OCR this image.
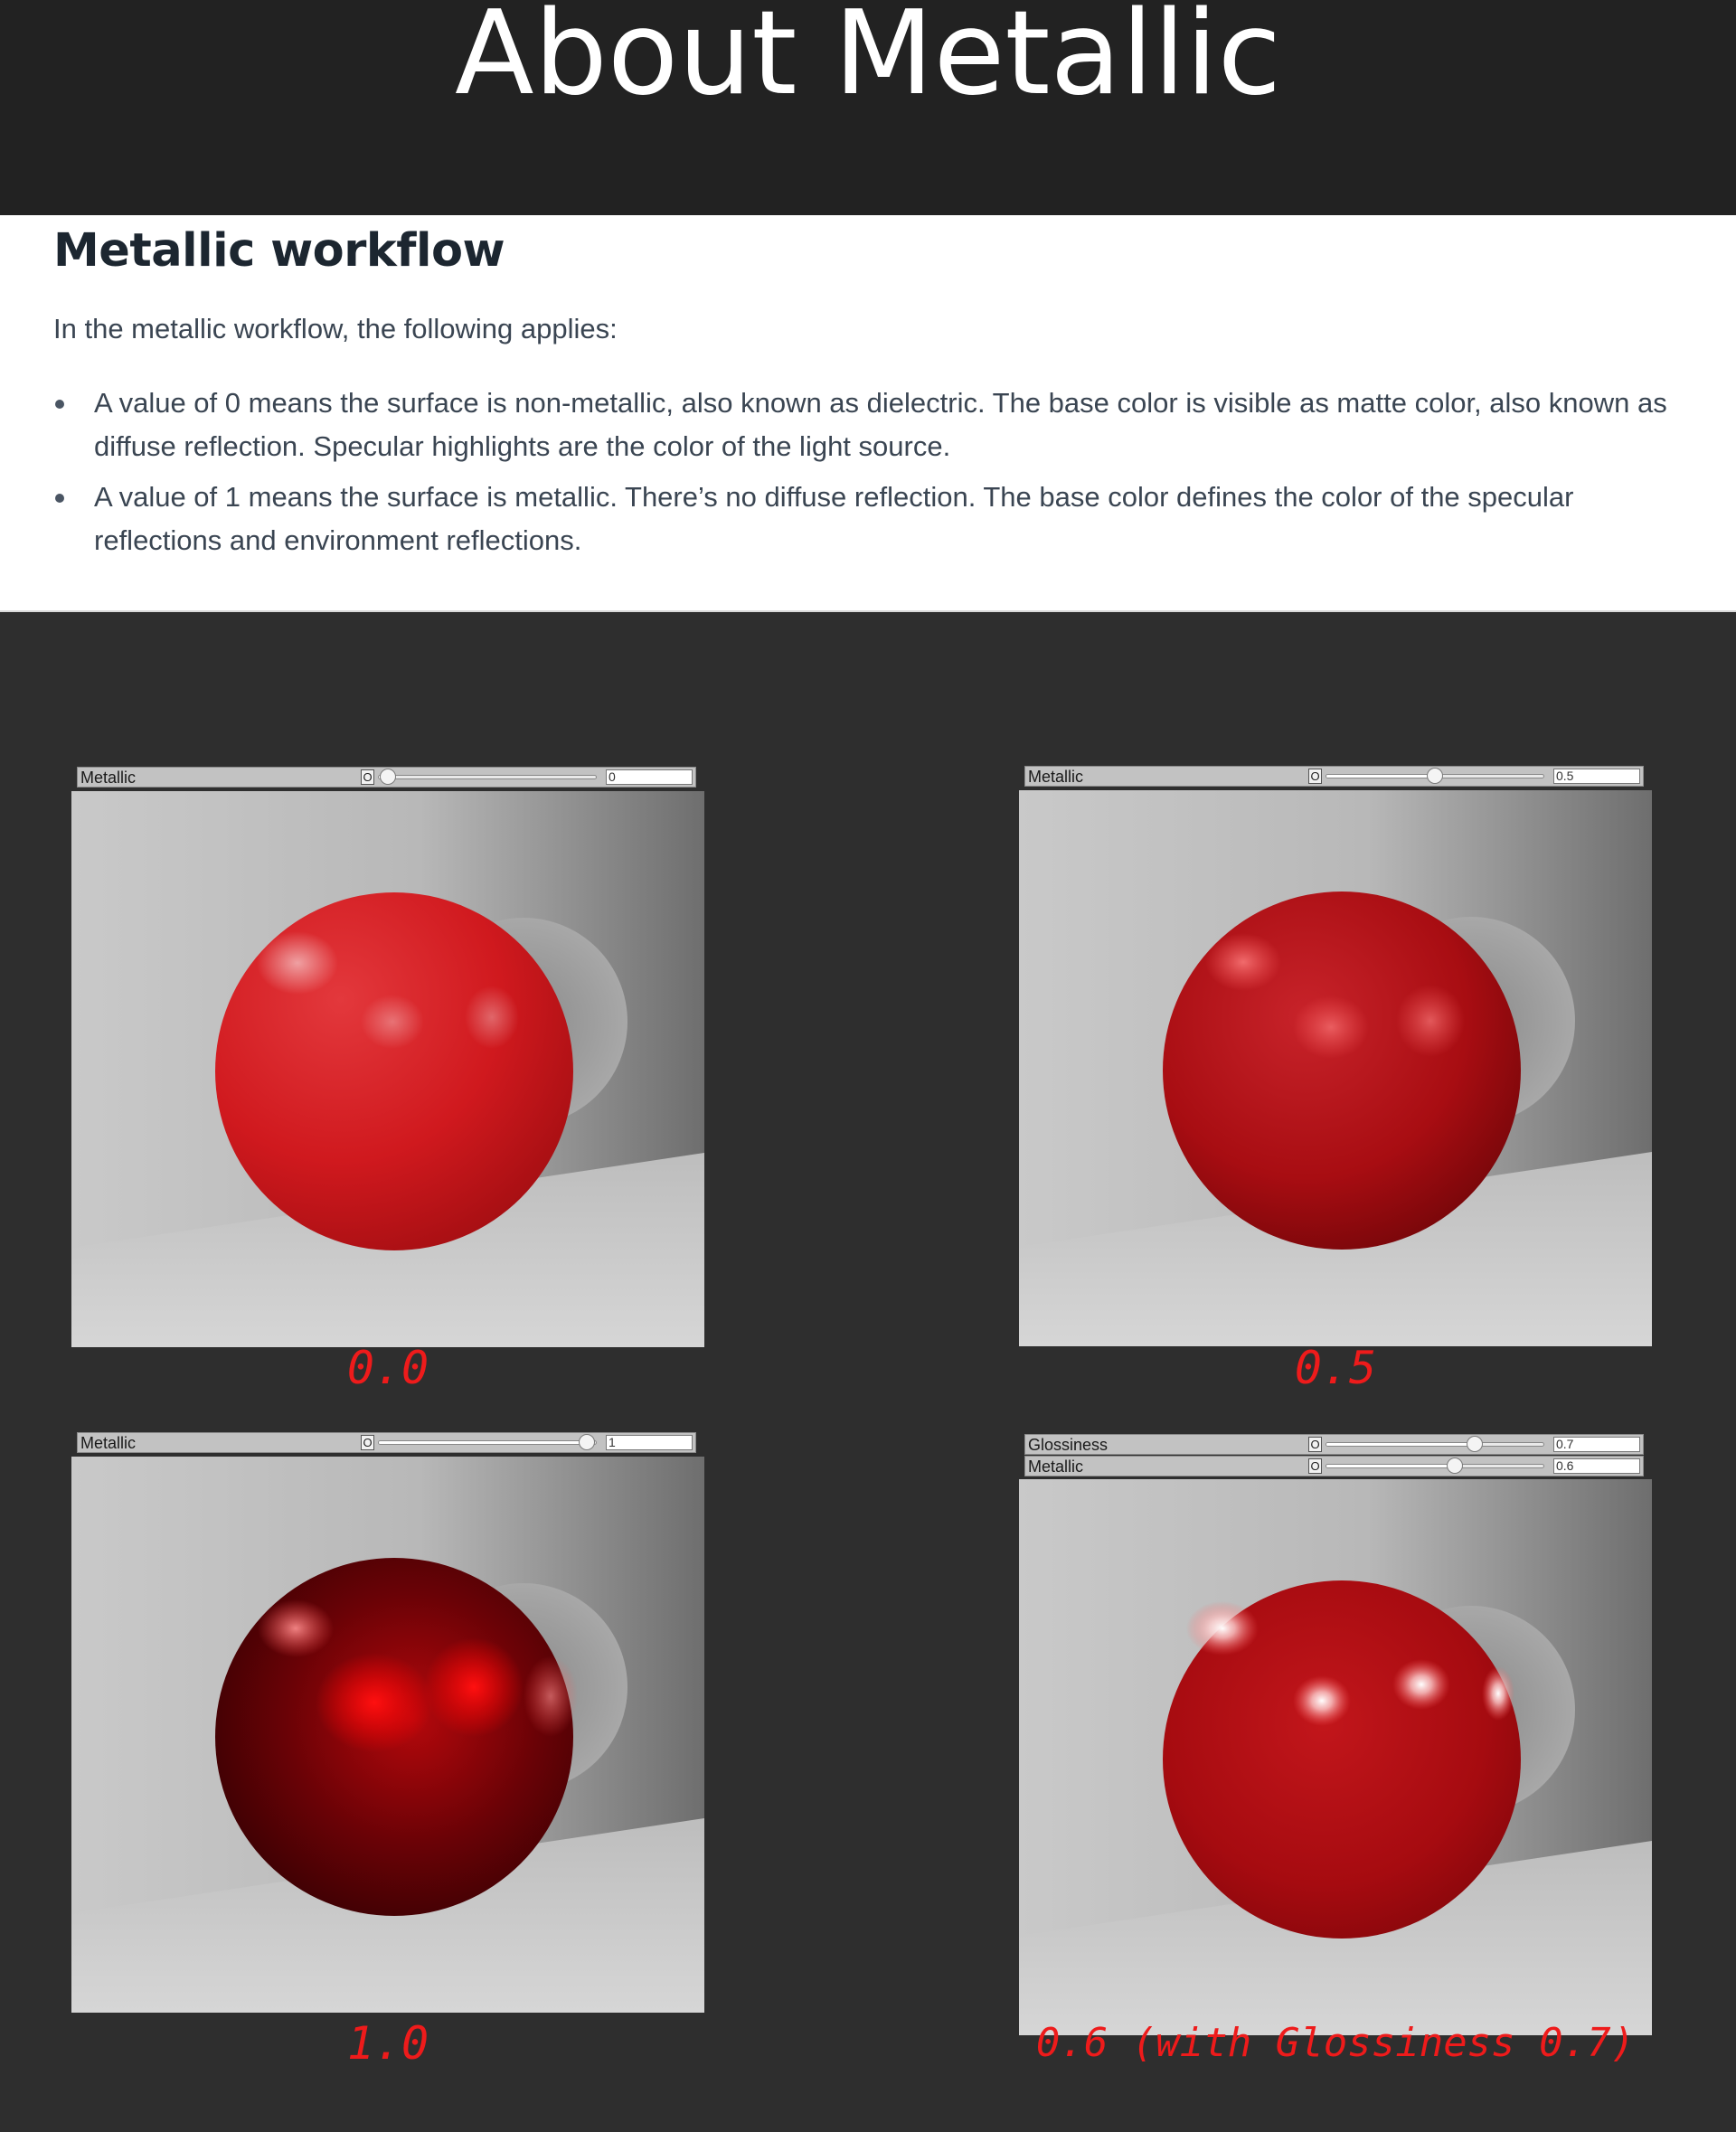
About Metallic
Metallic workflow

In the metallic workflow, the following applies:

A value of 0 means the surface is non-metallic, also known as dielectric. The base color is visible as matte color, also known as diffuse reflection. Specular highlights are the color of the light source.
A value of 1 means the surface is metallic. There’s no diffuse reflection. The base color defines the color of the specular reflections and environment reflections.
Metallic	O	0
0.0
Metallic	O	0.5
0.5
Metallic	O	1
1.0
Glossiness	O	0.7
Metallic	O	0.6
0.6 (with Glossiness 0.7)
